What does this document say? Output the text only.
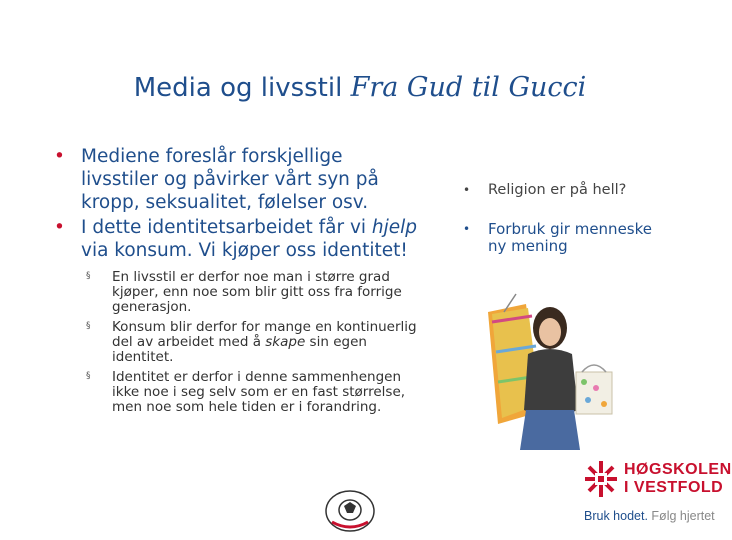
Media og livsstil Fra Gud til Gucci
• Mediene foreslår forskjellige livsstiler og påvirker vårt syn på kropp, seksualitet, følelser osv.
• I dette identitetsarbeidet får vi hjelp via konsum. Vi kjøper oss identitet!
§ En livsstil er derfor noe man i større grad kjøper, enn noe som blir gitt oss fra forrige generasjon.
§ Konsum blir derfor for mange en kontinuerlig del av arbeidet med å skape sin egen identitet.
§ Identitet er derfor i denne sammenhengen ikke noe i seg selv som er en fast størrelse, men noe som hele tiden er i forandring.
• Religion er på hell?
• Forbruk gir menneske ny mening
HØGSKOLEN
I VESTFOLD
Bruk hodet. Følg hjertet
